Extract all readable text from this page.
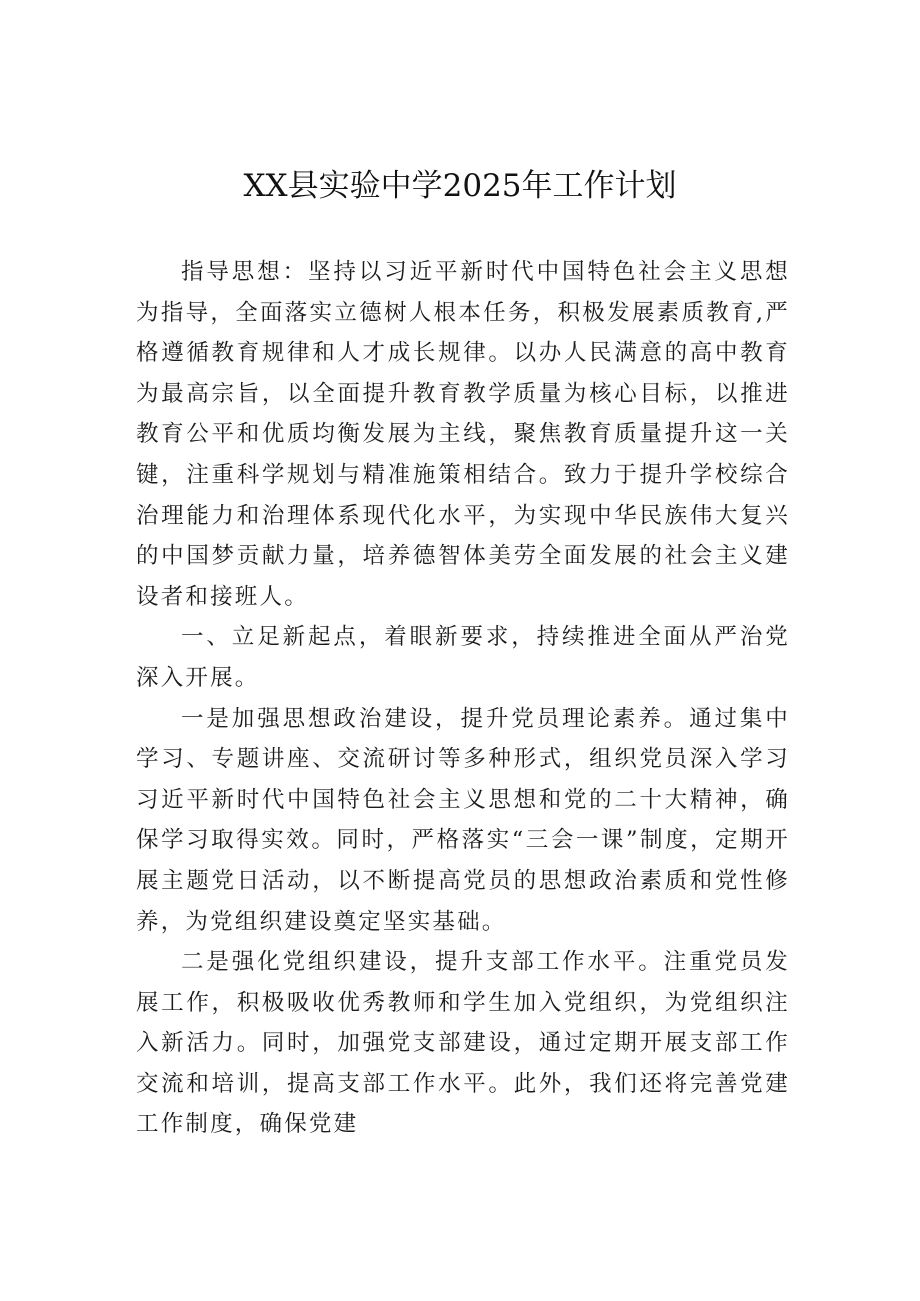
XX县实验中学2025年工作计划

指导思想：坚持以习近平新时代中国特色社会主义思想为指导，全面落实立德树人根本任务，积极发展素质教育,严格遵循教育规律和人才成长规律。以办人民满意的高中教育为最高宗旨，以全面提升教育教学质量为核心目标，以推进教育公平和优质均衡发展为主线，聚焦教育质量提升这一关键，注重科学规划与精准施策相结合。致力于提升学校综合治理能力和治理体系现代化水平，为实现中华民族伟大复兴的中国梦贡献力量，培养德智体美劳全面发展的社会主义建设者和接班人。

一、立足新起点，着眼新要求，持续推进全面从严治党深入开展。

一是加强思想政治建设，提升党员理论素养。通过集中学习、专题讲座、交流研讨等多种形式，组织党员深入学习习近平新时代中国特色社会主义思想和党的二十大精神，确保学习取得实效。同时，严格落实“三会一课”制度，定期开展主题党日活动，以不断提高党员的思想政治素质和党性修养，为党组织建设奠定坚实基础。

二是强化党组织建设，提升支部工作水平。注重党员发展工作，积极吸收优秀教师和学生加入党组织，为党组织注入新活力。同时，加强党支部建设，通过定期开展支部工作交流和培训，提高支部工作水平。此外，我们还将完善党建工作制度，确保党建
